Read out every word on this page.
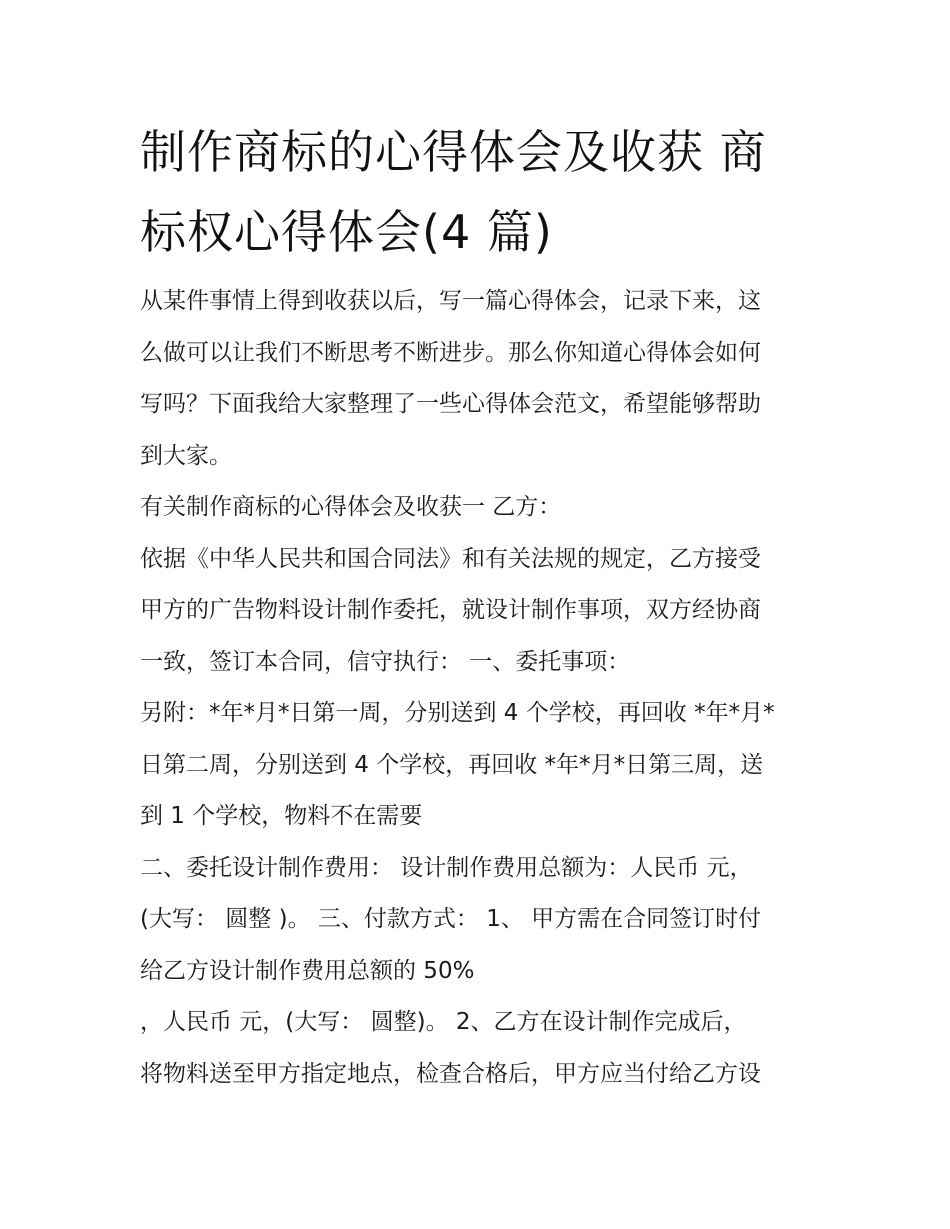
制作商标的心得体会及收获 商
标权心得体会(4 篇)

从某件事情上得到收获以后，写一篇心得体会，记录下来，这

么做可以让我们不断思考不断进步。那么你知道心得体会如何

写吗？下面我给大家整理了一些心得体会范文，希望能够帮助

到大家。

有关制作商标的心得体会及收获一 乙方：

依据《中华人民共和国合同法》和有关法规的规定，乙方接受

甲方的广告物料设计制作委托，就设计制作事项，双方经协商

一致，签订本合同，信守执行： 一、委托事项：

另附：*年*月*日第一周，分别送到 4 个学校，再回收 *年*月*

日第二周，分别送到 4 个学校，再回收 *年*月*日第三周，送

到 1 个学校，物料不在需要

二、委托设计制作费用： 设计制作费用总额为：人民币 元，

(大写： 圆整 )。 三、付款方式： 1、 甲方需在合同签订时付

给乙方设计制作费用总额的 50%

，人民币 元，(大写： 圆整)。 2、乙方在设计制作完成后，

将物料送至甲方指定地点，检查合格后，甲方应当付给乙方设
